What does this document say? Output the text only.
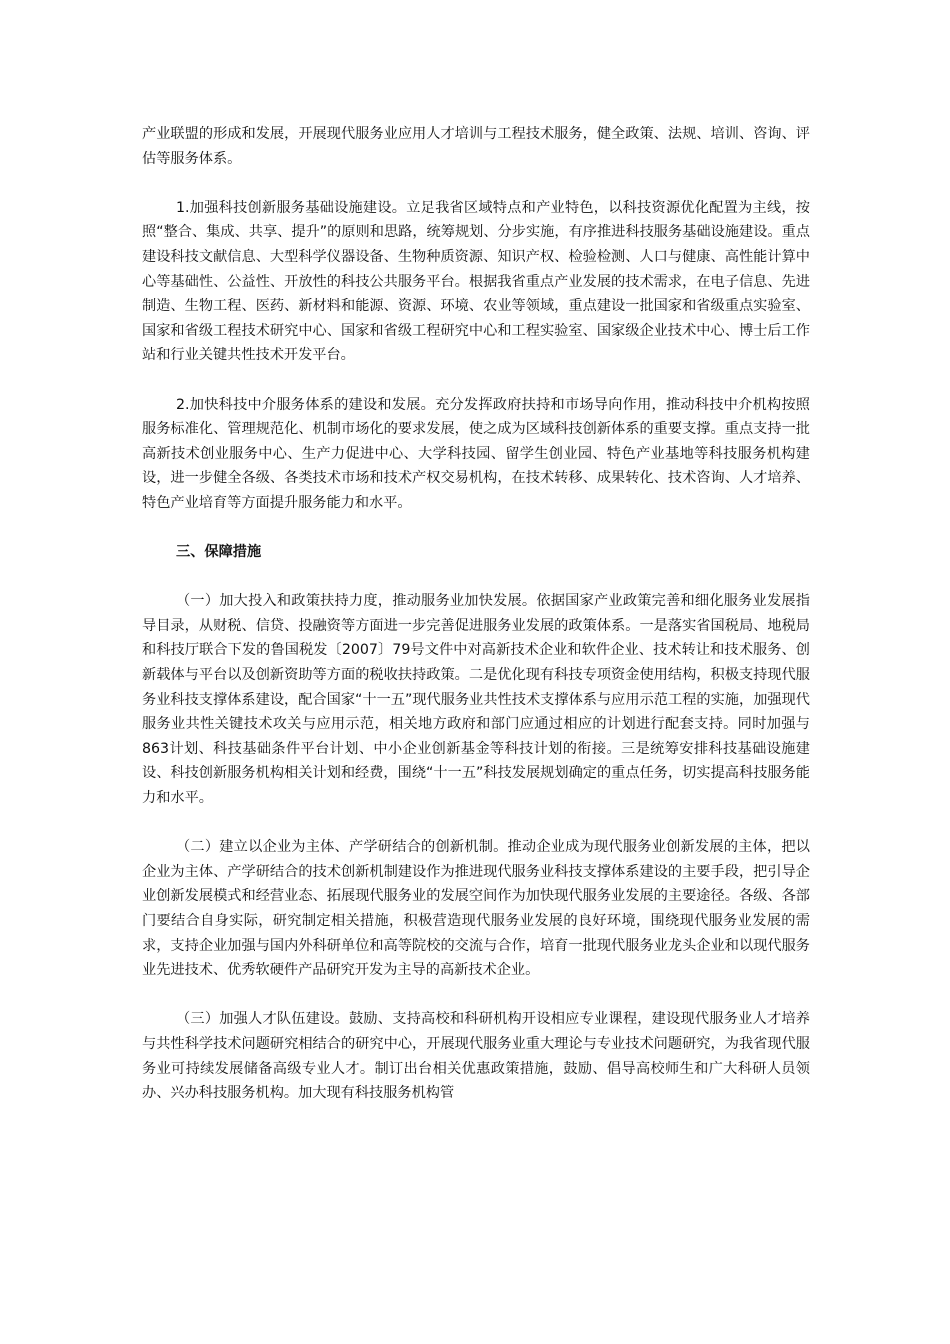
产业联盟的形成和发展，开展现代服务业应用人才培训与工程技术服务，健全政策、法规、培训、咨询、评估等服务体系。

1.加强科技创新服务基础设施建设。立足我省区域特点和产业特色，以科技资源优化配置为主线，按照“整合、集成、共享、提升”的原则和思路，统筹规划、分步实施，有序推进科技服务基础设施建设。重点建设科技文献信息、大型科学仪器设备、生物种质资源、知识产权、检验检测、人口与健康、高性能计算中心等基础性、公益性、开放性的科技公共服务平台。根据我省重点产业发展的技术需求，在电子信息、先进制造、生物工程、医药、新材料和能源、资源、环境、农业等领域，重点建设一批国家和省级重点实验室、国家和省级工程技术研究中心、国家和省级工程研究中心和工程实验室、国家级企业技术中心、博士后工作站和行业关键共性技术开发平台。

2.加快科技中介服务体系的建设和发展。充分发挥政府扶持和市场导向作用，推动科技中介机构按照服务标准化、管理规范化、机制市场化的要求发展，使之成为区域科技创新体系的重要支撑。重点支持一批高新技术创业服务中心、生产力促进中心、大学科技园、留学生创业园、特色产业基地等科技服务机构建设，进一步健全各级、各类技术市场和技术产权交易机构，在技术转移、成果转化、技术咨询、人才培养、特色产业培育等方面提升服务能力和水平。

三、保障措施

（一）加大投入和政策扶持力度，推动服务业加快发展。依据国家产业政策完善和细化服务业发展指导目录，从财税、信贷、投融资等方面进一步完善促进服务业发展的政策体系。一是落实省国税局、地税局和科技厅联合下发的鲁国税发〔2007〕79号文件中对高新技术企业和软件企业、技术转让和技术服务、创新载体与平台以及创新资助等方面的税收扶持政策。二是优化现有科技专项资金使用结构，积极支持现代服务业科技支撑体系建设，配合国家“十一五”现代服务业共性技术支撑体系与应用示范工程的实施，加强现代服务业共性关键技术攻关与应用示范，相关地方政府和部门应通过相应的计划进行配套支持。同时加强与863计划、科技基础条件平台计划、中小企业创新基金等科技计划的衔接。三是统筹安排科技基础设施建设、科技创新服务机构相关计划和经费，围绕“十一五”科技发展规划确定的重点任务，切实提高科技服务能力和水平。

（二）建立以企业为主体、产学研结合的创新机制。推动企业成为现代服务业创新发展的主体，把以企业为主体、产学研结合的技术创新机制建设作为推进现代服务业科技支撑体系建设的主要手段，把引导企业创新发展模式和经营业态、拓展现代服务业的发展空间作为加快现代服务业发展的主要途径。各级、各部门要结合自身实际，研究制定相关措施，积极营造现代服务业发展的良好环境，围绕现代服务业发展的需求，支持企业加强与国内外科研单位和高等院校的交流与合作，培育一批现代服务业龙头企业和以现代服务业先进技术、优秀软硬件产品研究开发为主导的高新技术企业。

（三）加强人才队伍建设。鼓励、支持高校和科研机构开设相应专业课程，建设现代服务业人才培养与共性科学技术问题研究相结合的研究中心，开展现代服务业重大理论与专业技术问题研究，为我省现代服务业可持续发展储备高级专业人才。制订出台相关优惠政策措施，鼓励、倡导高校师生和广大科研人员领办、兴办科技服务机构。加大现有科技服务机构管
